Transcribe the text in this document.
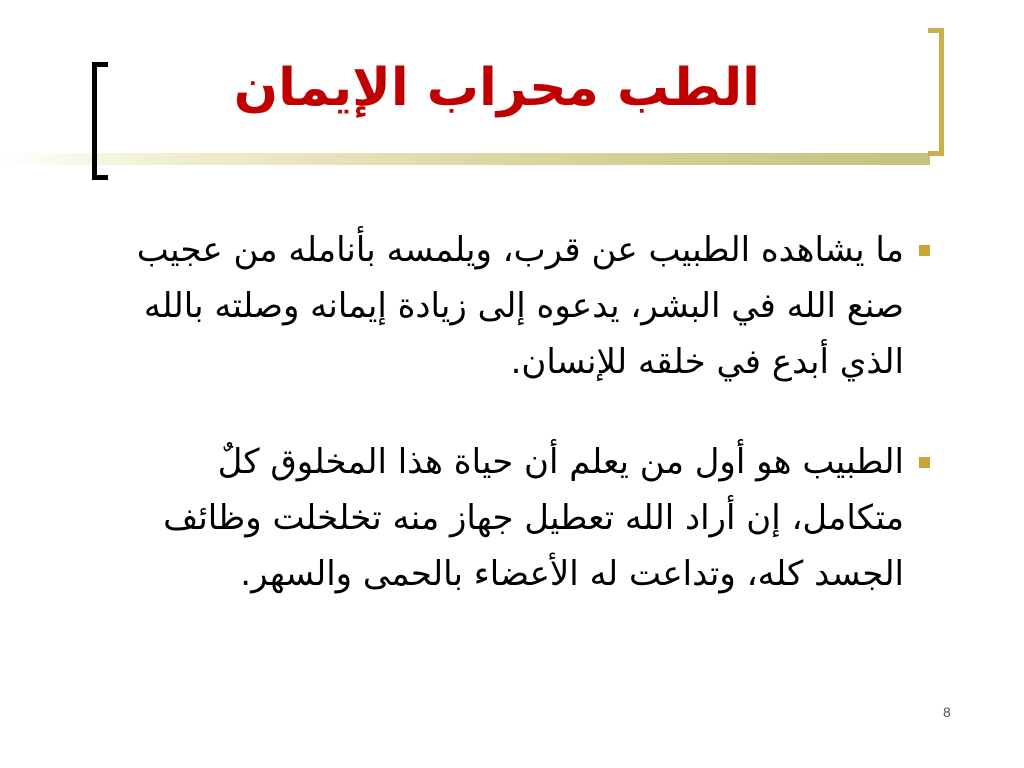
الطب محراب الإيمان
ما يشاهده الطبيب عن قرب، ويلمسه بأنامله من عجيب صنع الله في البشر، يدعوه إلى زيادة إيمانه وصلته بالله الذي أبدع في خلقه للإنسان.
الطبيب هو أول من يعلم أن حياة هذا المخلوق كلٌ متكامل، إن أراد الله تعطيل جهاز منه تخلخلت وظائف الجسد كله، وتداعت له الأعضاء بالحمى والسهر.
8
